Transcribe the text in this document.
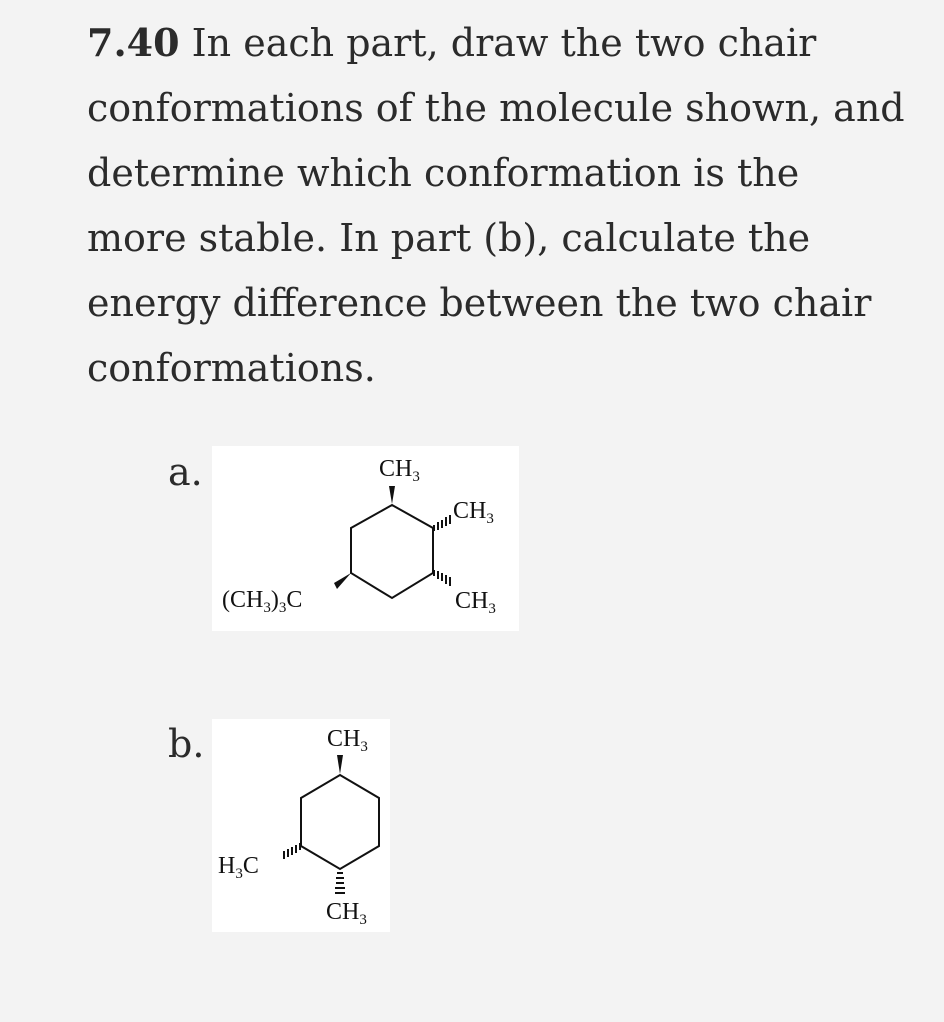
7.40 In each part, draw the two chair conformations of the molecule shown, and determine which conformation is the more stable. In part (b), calculate the energy difference between the two chair conformations.
a.	$CH_3$
$CH_3$
$CH_3$
$(CH_3)_3C$
b.	$CH_3$
$H_3C$
$CH_3$
